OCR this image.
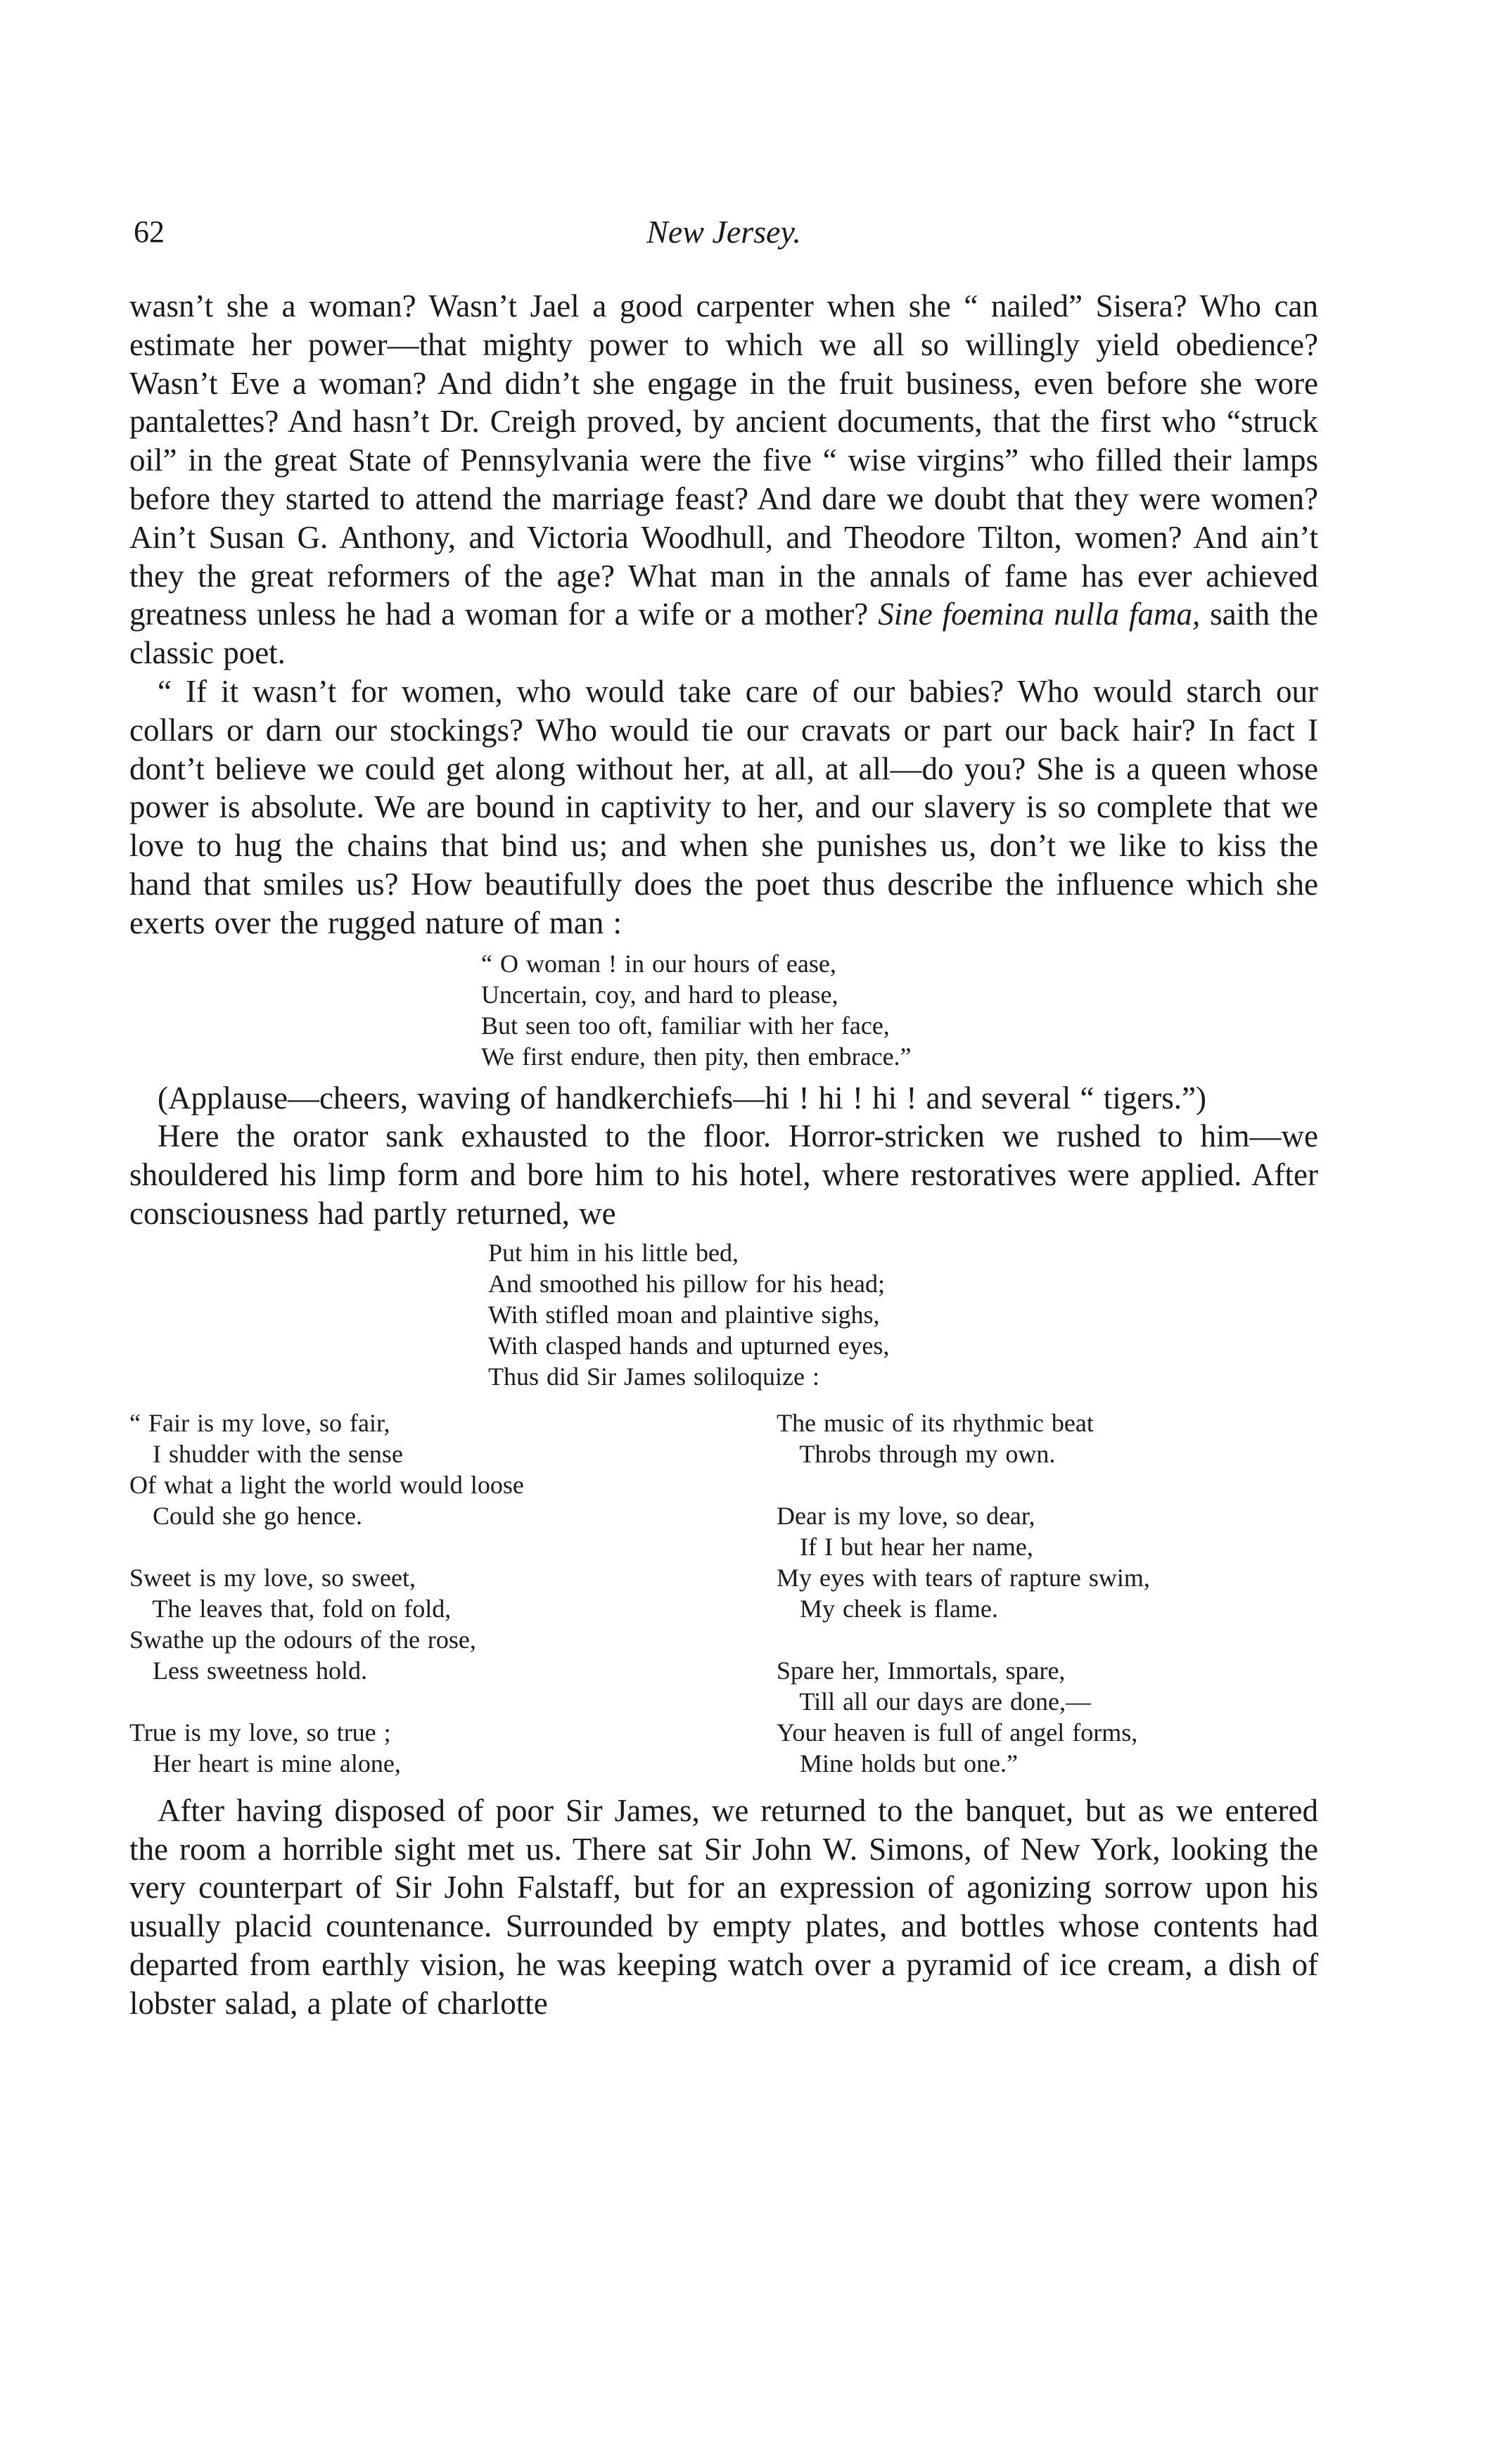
62	New Jersey.

wasn’t she a woman? Wasn’t Jael a good carpenter when she “ nailed” Sisera? Who can estimate her power—that mighty power to which we all so willingly yield obedience? Wasn’t Eve a woman? And didn’t she engage in the fruit business, even before she wore pantalettes? And hasn’t Dr. Creigh proved, by ancient documents, that the first who “struck oil” in the great State of Pennsylvania were the five “ wise virgins” who filled their lamps before they started to attend the marriage feast? And dare we doubt that they were women? Ain’t Susan G. Anthony, and Victoria Woodhull, and Theodore Tilton, women? And ain’t they the great reformers of the age? What man in the annals of fame has ever achieved greatness unless he had a woman for a wife or a mother? Sine foemina nulla fama, saith the classic poet.

“ If it wasn’t for women, who would take care of our babies? Who would starch our collars or darn our stockings? Who would tie our cravats or part our back hair? In fact I dont’t believe we could get along without her, at all, at all—do you? She is a queen whose power is absolute. We are bound in captivity to her, and our slavery is so complete that we love to hug the chains that bind us; and when she punishes us, don’t we like to kiss the hand that smiles us? How beautifully does the poet thus describe the influence which she exerts over the rugged nature of man :

“ O woman ! in our hours of ease,
Uncertain, coy, and hard to please,
But seen too oft, familiar with her face,
We first endure, then pity, then embrace.”

(Applause—cheers, waving of handkerchiefs—hi ! hi ! hi ! and several “ tigers.”)

Here the orator sank exhausted to the floor. Horror-stricken we rushed to him—we shouldered his limp form and bore him to his hotel, where restoratives were applied. After consciousness had partly returned, we

Put him in his little bed,
And smoothed his pillow for his head;
With stifled moan and plaintive sighs,
With clasped hands and upturned eyes,
Thus did Sir James soliloquize :
“ Fair is my love, so fair,
I shudder with the sense
Of what a light the world would loose
Could she go hence.
Sweet is my love, so sweet,
The leaves that, fold on fold,
Swathe up the odours of the rose,
Less sweetness hold.
True is my love, so true ;
Her heart is mine alone,
The music of its rhythmic beat
Throbs through my own.
Dear is my love, so dear,
If I but hear her name,
My eyes with tears of rapture swim,
My cheek is flame.
Spare her, Immortals, spare,
Till all our days are done,—
Your heaven is full of angel forms,
Mine holds but one.”

After having disposed of poor Sir James, we returned to the banquet, but as we entered the room a horrible sight met us. There sat Sir John W. Simons, of New York, looking the very counterpart of Sir John Falstaff, but for an expression of agonizing sorrow upon his usually placid countenance. Surrounded by empty plates, and bottles whose contents had departed from earthly vision, he was keeping watch over a pyramid of ice cream, a dish of lobster salad, a plate of charlotte
